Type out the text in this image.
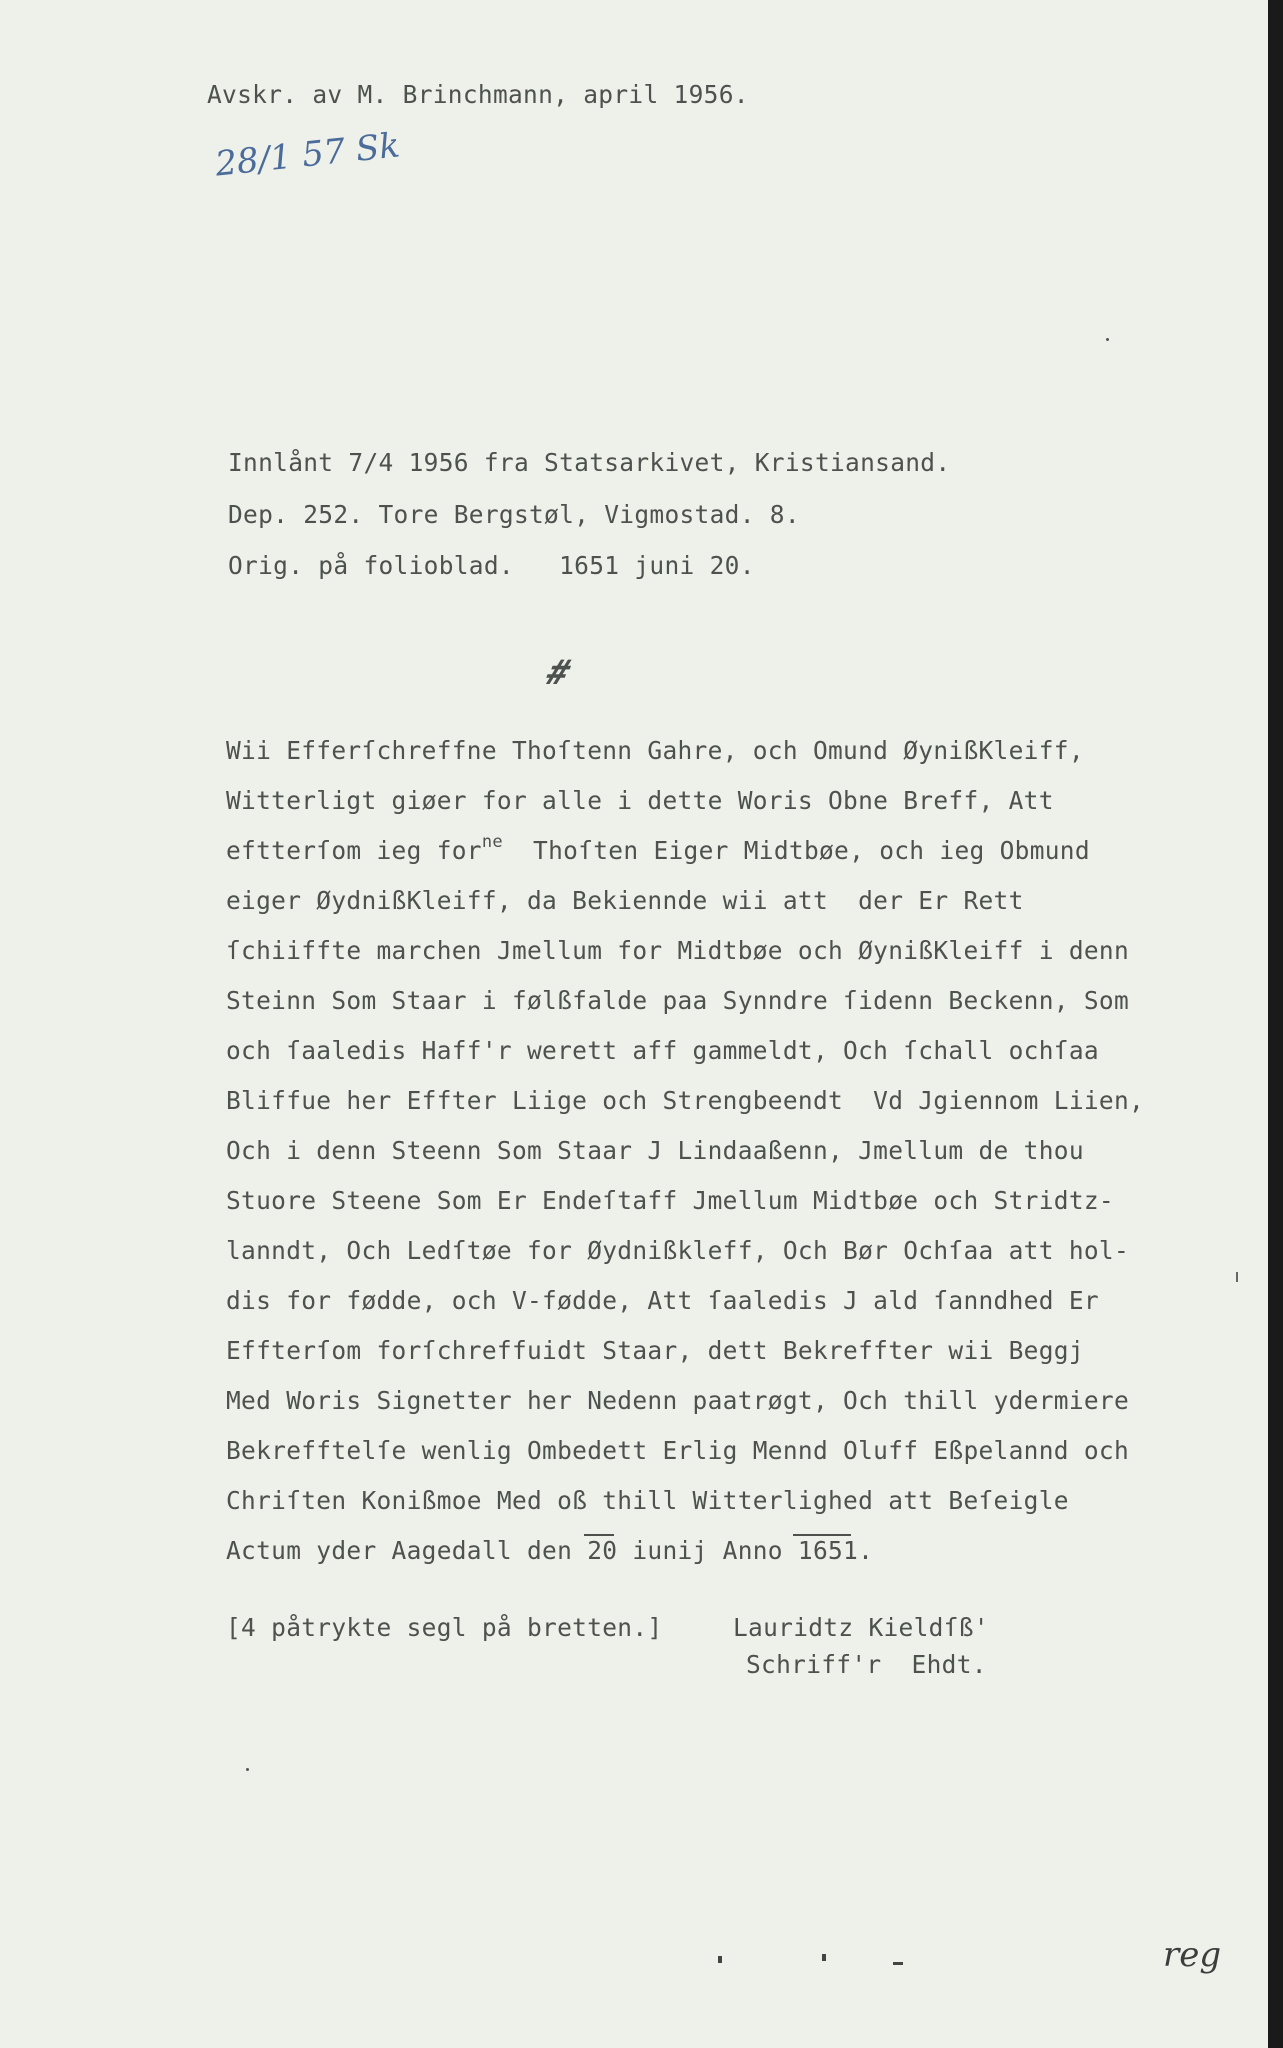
Avskr. av M. Brinchmann, april 1956.
28/1 57 Sk
Innlånt 7/4 1956 fra Statsarkivet, Kristiansand.
Dep. 252. Tore Bergstøl, Vigmostad. 8.
Orig. på folioblad.   1651 juni 20.
#
Wii Efferſchreffne Thoſtenn Gahre, och Omund ØynißKleiff,
Witterligt giøer for alle i dette Woris Obne Breff, Att
eftterſom ieg for$^{ne}$ Thoſten Eiger Midtbøe, och ieg Obmund
eiger ØydnißKleiff, da Bekiennde wii att  der Er Rett
ſchiiffte marchen Jmellum for Midtbøe och ØynißKleiff i denn
Steinn Som Staar i følßfalde paa Synndre ſidenn Beckenn, Som
och ſaaledis Haff'r werett aff gammeldt, Och ſchall ochſaa
Bliffue her Effter Liige och Strengbeendt  Vd Jgiennom Liien,
Och i denn Steenn Som Staar J Lindaaßenn, Jmellum de thou
Stuore Steene Som Er Endeſtaff Jmellum Midtbøe och Stridtz-
lanndt, Och Ledſtøe for Øydnißkleff, Och Bør Ochſaa att hol-
dis for fødde, och V-fødde, Att ſaaledis J ald ſanndhed Er
Effterſom forſchreffuidt Staar, dett Bekreffter wii Beggj
Med Woris Signetter her Nedenn paatrøgt, Och thill ydermiere
Bekrefftelſe wenlig Ombedett Erlig Mennd Oluff Eßpelannd och
Chriſten Konißmoe Med oß thill Witterlighed att Beſeigle
Actum yder Aagedall den 20 iunij Anno 1651.
[4 påtrykte segl på bretten.]	Lauridtz Kieldſß'
Schriff'r  Ehdt.
reg
